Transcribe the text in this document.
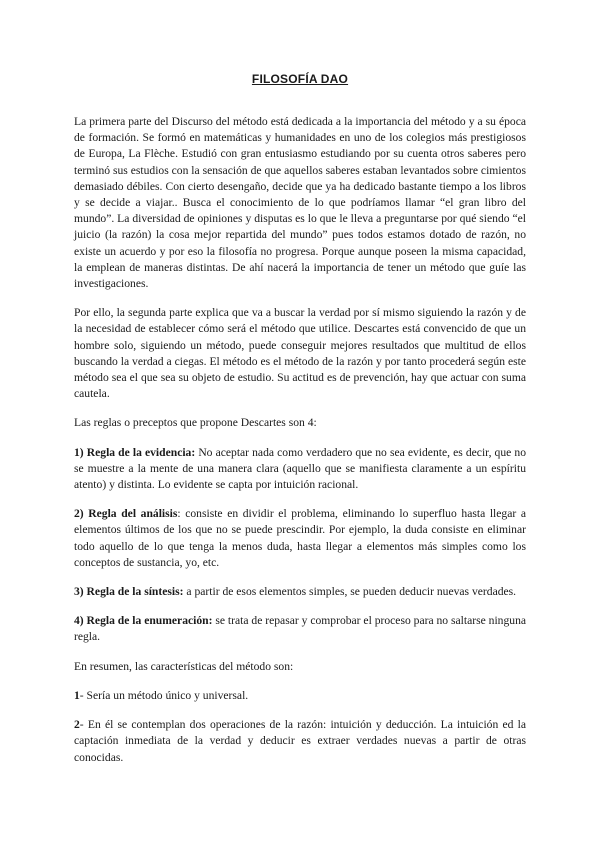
FILOSOFÍA DAO

La primera parte del Discurso del método está dedicada a la importancia del método y a su época de formación. Se formó en matemáticas y humanidades en uno de los colegios más prestigiosos de Europa, La Flèche. Estudió con gran entusiasmo estudiando por su cuenta otros saberes pero terminó sus estudios con la sensación de que aquellos saberes estaban levantados sobre cimientos demasiado débiles. Con cierto desengaño, decide que ya ha dedicado bastante tiempo a los libros y se decide a viajar.. Busca el conocimiento de lo que podríamos llamar “el gran libro del mundo”. La diversidad de opiniones y disputas es lo que le lleva a preguntarse por qué siendo “el juicio (la razón) la cosa mejor repartida del mundo” pues todos estamos dotado de razón, no existe un acuerdo y por eso la filosofía no progresa. Porque aunque poseen la misma capacidad, la emplean de maneras distintas. De ahí nacerá la importancia de tener un método que guíe las investigaciones.

Por ello, la segunda parte explica que va a buscar la verdad por sí mismo siguiendo la razón y de la necesidad de establecer cómo será el método que utilice. Descartes está convencido de que un hombre solo, siguiendo un método, puede conseguir mejores resultados que multitud de ellos buscando la verdad a ciegas. El método es el método de la razón y por tanto procederá según este método sea el que sea su objeto de estudio. Su actitud es de prevención, hay que actuar con suma cautela.

Las reglas o preceptos que propone Descartes son 4:

1) Regla de la evidencia: No aceptar nada como verdadero que no sea evidente, es decir, que no se muestre a la mente de una manera clara (aquello que se manifiesta claramente a un espíritu atento) y distinta. Lo evidente se capta por intuición racional.

2) Regla del análisis: consiste en dividir el problema, eliminando lo superfluo hasta llegar a elementos últimos de los que no se puede prescindir. Por ejemplo, la duda consiste en eliminar todo aquello de lo que tenga la menos duda, hasta llegar a elementos más simples como los conceptos de sustancia, yo, etc.

3) Regla de la síntesis: a partir de esos elementos simples, se pueden deducir nuevas verdades.

4) Regla de la enumeración: se trata de repasar y comprobar el proceso para no saltarse ninguna regla.

En resumen, las características del método son:

1- Sería un método único y universal.

2- En él se contemplan dos operaciones de la razón: intuición y deducción. La intuición ed la captación inmediata de la verdad y deducir es extraer verdades nuevas a partir de otras conocidas.
